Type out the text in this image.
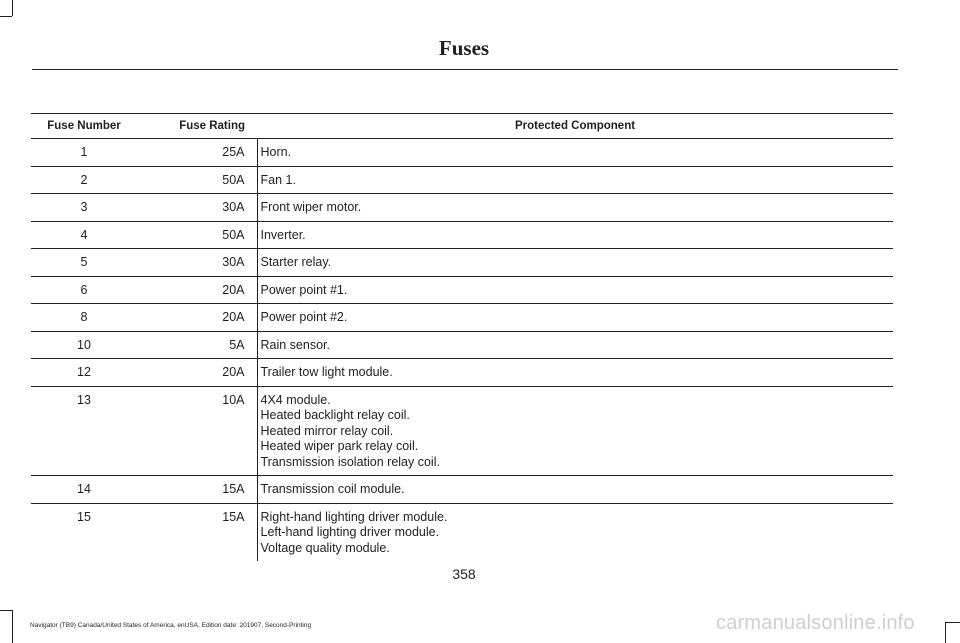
Fuses
Fuse Number	Fuse Rating	Protected Component
1	25A	Horn.

2	50A	Fan 1.

3	30A	Front wiper motor.

4	50A	Inverter.

5	30A	Starter relay.

6	20A	Power point #1.

8	20A	Power point #2.

10	5A	Rain sensor.

12	20A	Trailer tow light module.

13	10A	4X4 module.
Heated backlight relay coil.
Heated mirror relay coil.
Heated wiper park relay coil.
Transmission isolation relay coil.

14	15A	Transmission coil module.

15	15A	Right-hand lighting driver module.
Left-hand lighting driver module.
Voltage quality module.
358
Navigator (TB9) Canada/United States of America, enUSA, Edition date: 201907, Second-Printing	carmanualsonline.info
